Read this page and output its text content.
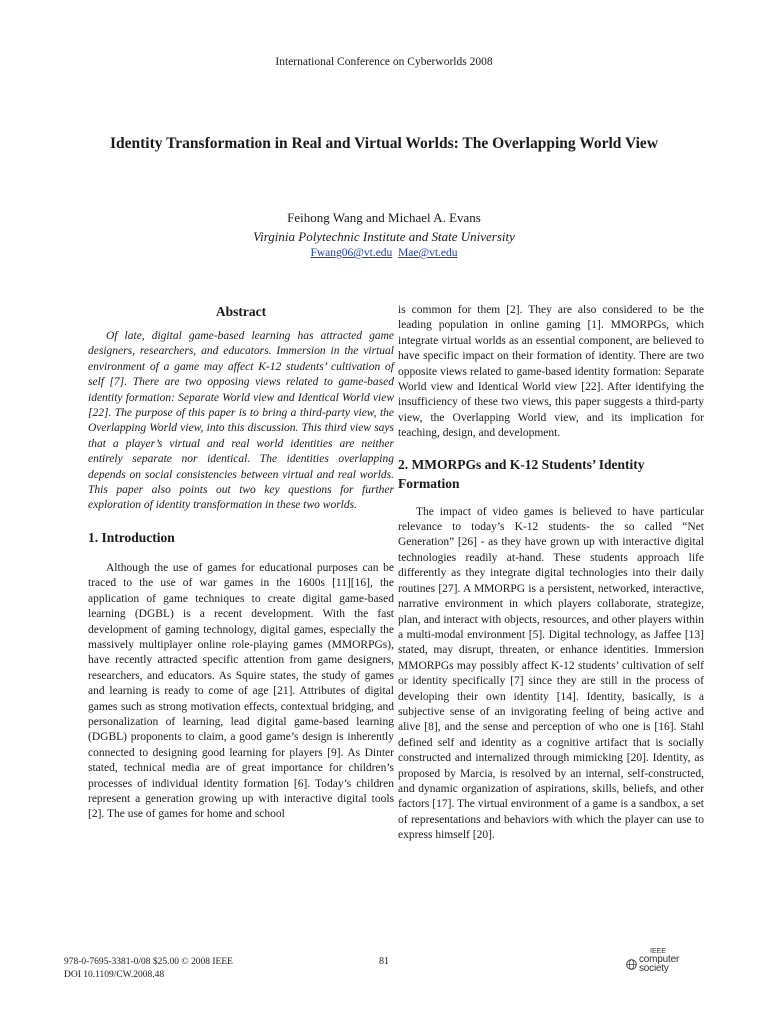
International Conference on Cyberworlds 2008
Identity Transformation in Real and Virtual Worlds: The Overlapping World View
Feihong Wang and Michael A. Evans
Virginia Polytechnic Institute and State University
Fwang06@vt.edu Mae@vt.edu

Abstract

Of late, digital game-based learning has attracted game designers, researchers, and educators. Immersion in the virtual environment of a game may affect K-12 students’ cultivation of self [7]. There are two opposing views related to game-based identity formation: Separate World view and Identical World view [22]. The purpose of this paper is to bring a third-party view, the Overlapping World view, into this discussion. This third view says that a player’s virtual and real world identities are neither entirely separate nor identical. The identities overlapping depends on social consistencies between virtual and real worlds. This paper also points out two key questions for further exploration of identity transformation in these two worlds.

1. Introduction

Although the use of games for educational purposes can be traced to the use of war games in the 1600s [11][16], the application of game techniques to create digital game-based learning (DGBL) is a recent development. With the fast development of gaming technology, digital games, especially the massively multiplayer online role-playing games (MMORPGs), have recently attracted specific attention from game designers, researchers, and educators. As Squire states, the study of games and learning is ready to come of age [21]. Attributes of digital games such as strong motivation effects, contextual bridging, and personalization of learning, lead digital game-based learning (DGBL) proponents to claim, a good game’s design is inherently connected to designing good learning for players [9]. As Dinter stated, technical media are of great importance for children’s processes of individual identity formation [6]. Today’s children represent a generation growing up with interactive digital tools [2]. The use of games for home and school

is common for them [2]. They are also considered to be the leading population in online gaming [1]. MMORPGs, which integrate virtual worlds as an essential component, are believed to have specific impact on their formation of identity. There are two opposite views related to game-based identity formation: Separate World view and Identical World view [22]. After identifying the insufficiency of these two views, this paper suggests a third-party view, the Overlapping World view, and its implication for teaching, design, and development.

2. MMORPGs and K-12 Students’ Identity Formation

The impact of video games is believed to have particular relevance to today’s K-12 students- the so called “Net Generation” [26] - as they have grown up with interactive digital technologies readily at-hand. These students approach life differently as they integrate digital technologies into their daily routines [27]. A MMORPG is a persistent, networked, interactive, narrative environment in which players collaborate, strategize, plan, and interact with objects, resources, and other players within a multi-modal environment [5]. Digital technology, as Jaffee [13] stated, may disrupt, threaten, or enhance identities. Immersion MMORPGs may possibly affect K-12 students’ cultivation of self or identity specifically [7] since they are still in the process of developing their own identity [14]. Identity, basically, is a subjective sense of an invigorating feeling of being active and alive [8], and the sense and perception of who one is [16]. Stahl defined self and identity as a cognitive artifact that is socially constructed and internalized through mimicking [20]. Identity, as proposed by Marcia, is resolved by an internal, self-constructed, and dynamic organization of aspirations, skills, beliefs, and other factors [17]. The virtual environment of a game is a sandbox, a set of representations and behaviors with which the player can use to express himself [20].

978-0-7695-3381-0/08 $25.00 © 2008 IEEE
DOI 10.1109/CW.2008.48
81
IEEE
computer
society
